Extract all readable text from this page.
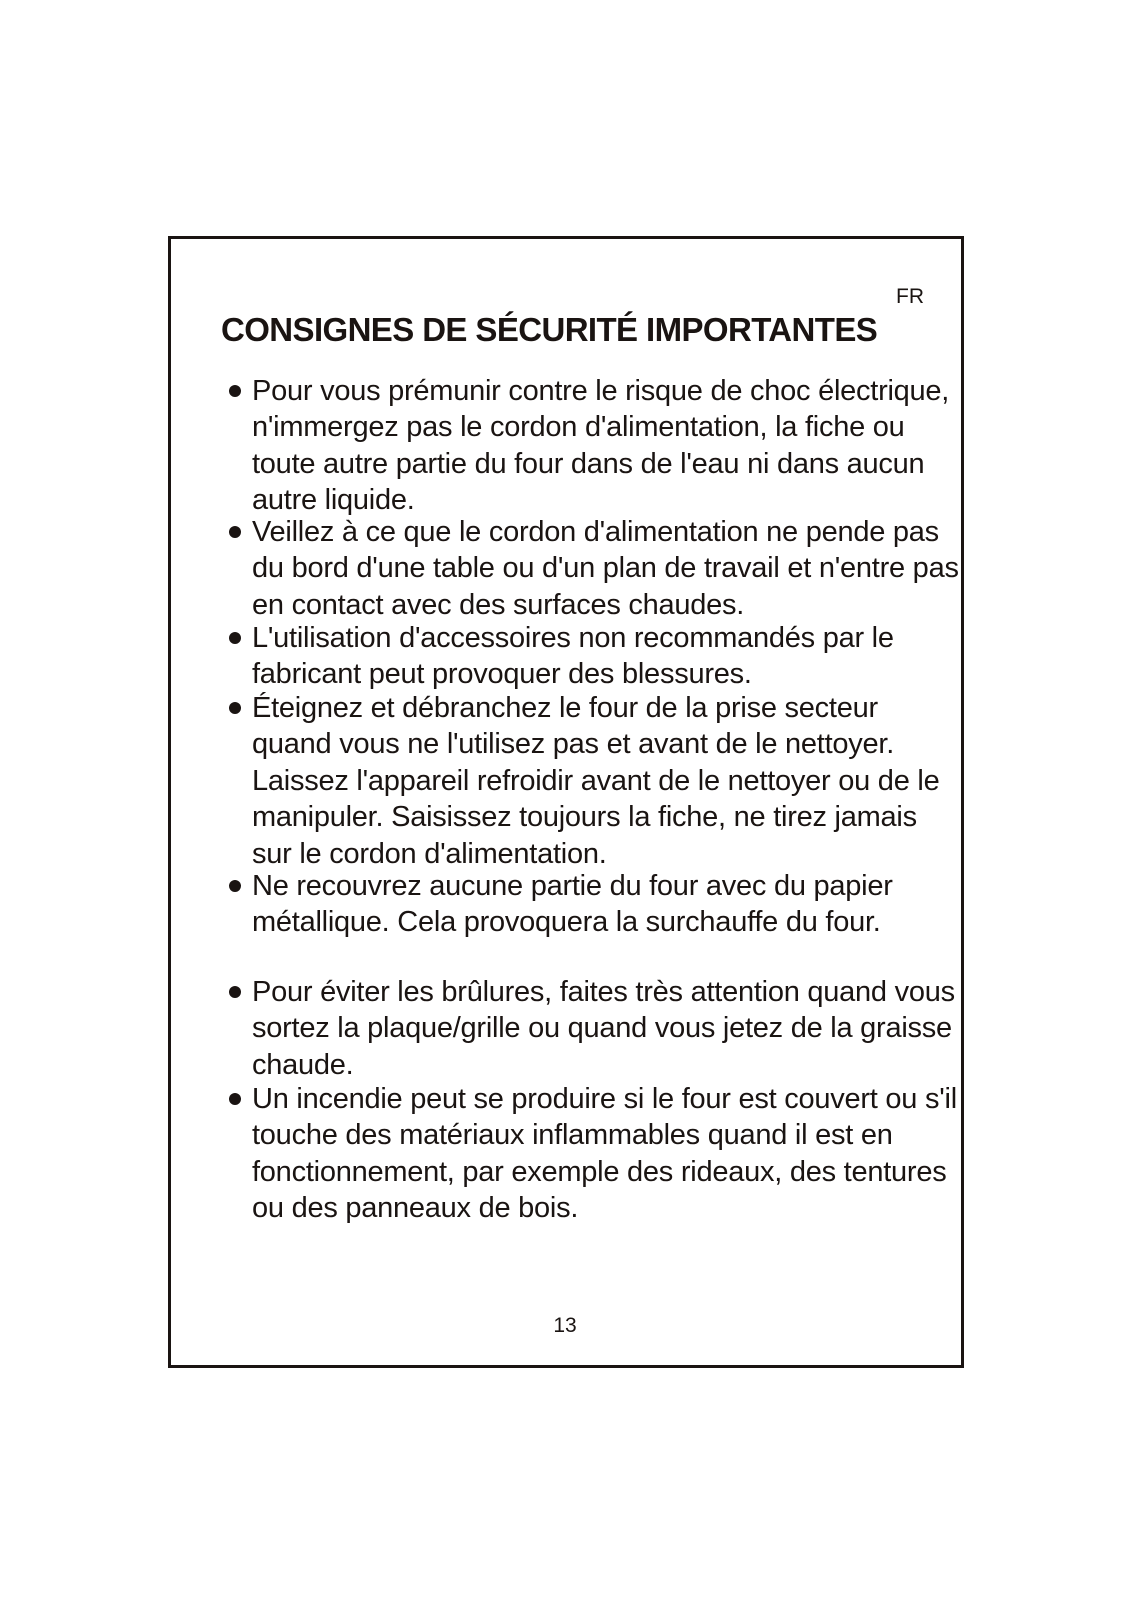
FR
CONSIGNES DE SÉCURITÉ IMPORTANTES

Pour vous prémunir contre le risque de choc électrique, n'immergez pas le cordon d'alimentation, la fiche ou toute autre partie du four dans de l'eau ni dans aucun autre liquide.

Veillez à ce que le cordon d'alimentation ne pende pas du bord d'une table ou d'un plan de travail et n'entre pas en contact avec des surfaces chaudes.

L'utilisation d'accessoires non recommandés par le fabricant peut provoquer des blessures.

Éteignez et débranchez le four de la prise secteur quand vous ne l'utilisez pas et avant de le nettoyer. Laissez l'appareil refroidir avant de le nettoyer ou de le manipuler. Saisissez toujours la fiche, ne tirez jamais sur le cordon d'alimentation.

Ne recouvrez aucune partie du four avec du papier métallique. Cela provoquera la surchauffe du four.

Pour éviter les brûlures, faites très attention quand vous sortez la plaque/grille ou quand vous jetez de la graisse chaude.

Un incendie peut se produire si le four est couvert ou s'il touche des matériaux inflammables quand il est en fonctionnement, par exemple des rideaux, des tentures ou des panneaux de bois.

13
